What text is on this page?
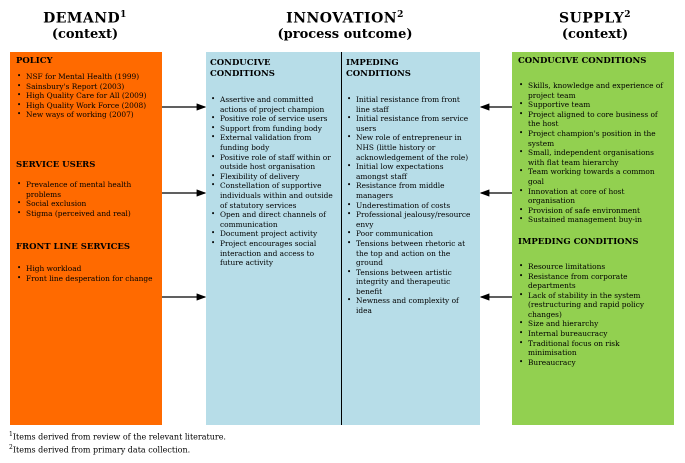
DEMAND$^1$
(context)
INNOVATION$^2$
(process outcome)
SUPPLY$^2$
(context)
POLICY
• NSF for Mental Health (1999)
• Sainsbury's Report (2003)
• High Quality Care for All (2009)
• High Quality Work Force (2008)
• New ways of working (2007)
SERVICE USERS
• Prevalence of mental health problems
• Social exclusion
• Stigma (perceived and real)
FRONT LINE SERVICES
• High workload
• Front line desperation for change
CONDUCIVE CONDITIONS
• Assertive and committed actions of project champion
• Positive role of service users
• Support from funding body
• External validation from funding body
• Positive role of staff within or outside host organisation
• Flexibility of delivery
• Constellation of supportive individuals within and outside of statutory services
• Open and direct channels of communication
• Document project activity
• Project encourages social interaction and access to future activity
IMPEDING CONDITIONS
• Initial resistance from front line staff
• Initial resistance from service users
• New role of entrepreneur in NHS (little history or acknowledgement of the role)
• Initial low expectations amongst staff
• Resistance from middle managers
• Underestimation of costs
• Professional jealousy/resource envy
• Poor communication
• Tensions between rhetoric at the top and action on the ground
• Tensions between artistic integrity and therapeutic benefit
• Newness and complexity of idea
CONDUCIVE CONDITIONS
• Skills, knowledge and experience of project team
• Supportive team
• Project aligned to core business of the host
• Project champion's position in the system
• Small, independent organisations with flat team hierarchy
• Team working towards a common goal
• Innovation at core of host organisation
• Provision of safe environment
• Sustained management buy-in
IMPEDING CONDITIONS
• Resource limitations
• Resistance from corporate departments
• Lack of stability in the system (restructuring and rapid policy changes)
• Size and hierarchy
• Internal bureaucracy
• Traditional focus on risk minimisation
• Bureaucracy
$^1$Items derived from review of the relevant literature.
$^2$Items derived from primary data collection.
